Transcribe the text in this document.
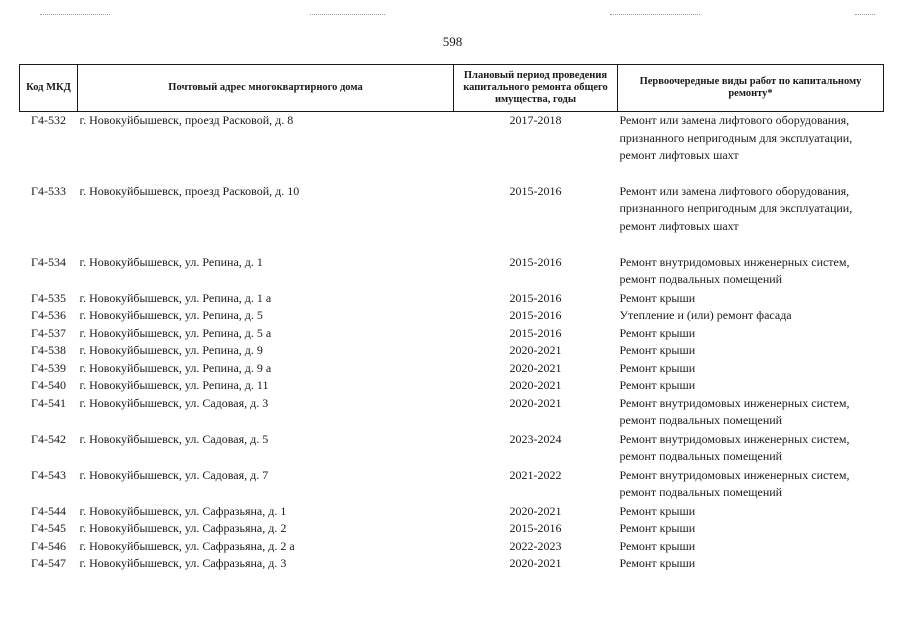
598
Код МКД	Почтовый адрес многоквартирного дома	Плановый период проведения капитального ремонта общего имущества, годы	Первоочередные виды работ по капитальному ремонту*
Г4-532	г. Новокуйбышевск, проезд Расковой, д. 8	2017-2018	Ремонт или замена лифтового оборудования, признанного непригодным для эксплуатации, ремонт лифтовых шахт
Г4-533	г. Новокуйбышевск, проезд Расковой, д. 10	2015-2016	Ремонт или замена лифтового оборудования, признанного непригодным для эксплуатации, ремонт лифтовых шахт
Г4-534	г. Новокуйбышевск, ул. Репина, д. 1	2015-2016	Ремонт внутридомовых инженерных систем, ремонт подвальных помещений
Г4-535	г. Новокуйбышевск, ул. Репина, д. 1 а	2015-2016	Ремонт крыши
Г4-536	г. Новокуйбышевск, ул. Репина, д. 5	2015-2016	Утепление и (или) ремонт фасада
Г4-537	г. Новокуйбышевск, ул. Репина, д. 5 а	2015-2016	Ремонт крыши
Г4-538	г. Новокуйбышевск, ул. Репина, д. 9	2020-2021	Ремонт крыши
Г4-539	г. Новокуйбышевск, ул. Репина, д. 9 а	2020-2021	Ремонт крыши
Г4-540	г. Новокуйбышевск, ул. Репина, д. 11	2020-2021	Ремонт крыши
Г4-541	г. Новокуйбышевск, ул. Садовая, д. 3	2020-2021	Ремонт внутридомовых инженерных систем, ремонт подвальных помещений
Г4-542	г. Новокуйбышевск, ул. Садовая, д. 5	2023-2024	Ремонт внутридомовых инженерных систем, ремонт подвальных помещений
Г4-543	г. Новокуйбышевск, ул. Садовая, д. 7	2021-2022	Ремонт внутридомовых инженерных систем, ремонт подвальных помещений
Г4-544	г. Новокуйбышевск, ул. Сафразьяна, д. 1	2020-2021	Ремонт крыши
Г4-545	г. Новокуйбышевск, ул. Сафразьяна, д. 2	2015-2016	Ремонт крыши
Г4-546	г. Новокуйбышевск, ул. Сафразьяна, д. 2 а	2022-2023	Ремонт крыши
Г4-547	г. Новокуйбышевск, ул. Сафразьяна, д. 3	2020-2021	Ремонт крыши
